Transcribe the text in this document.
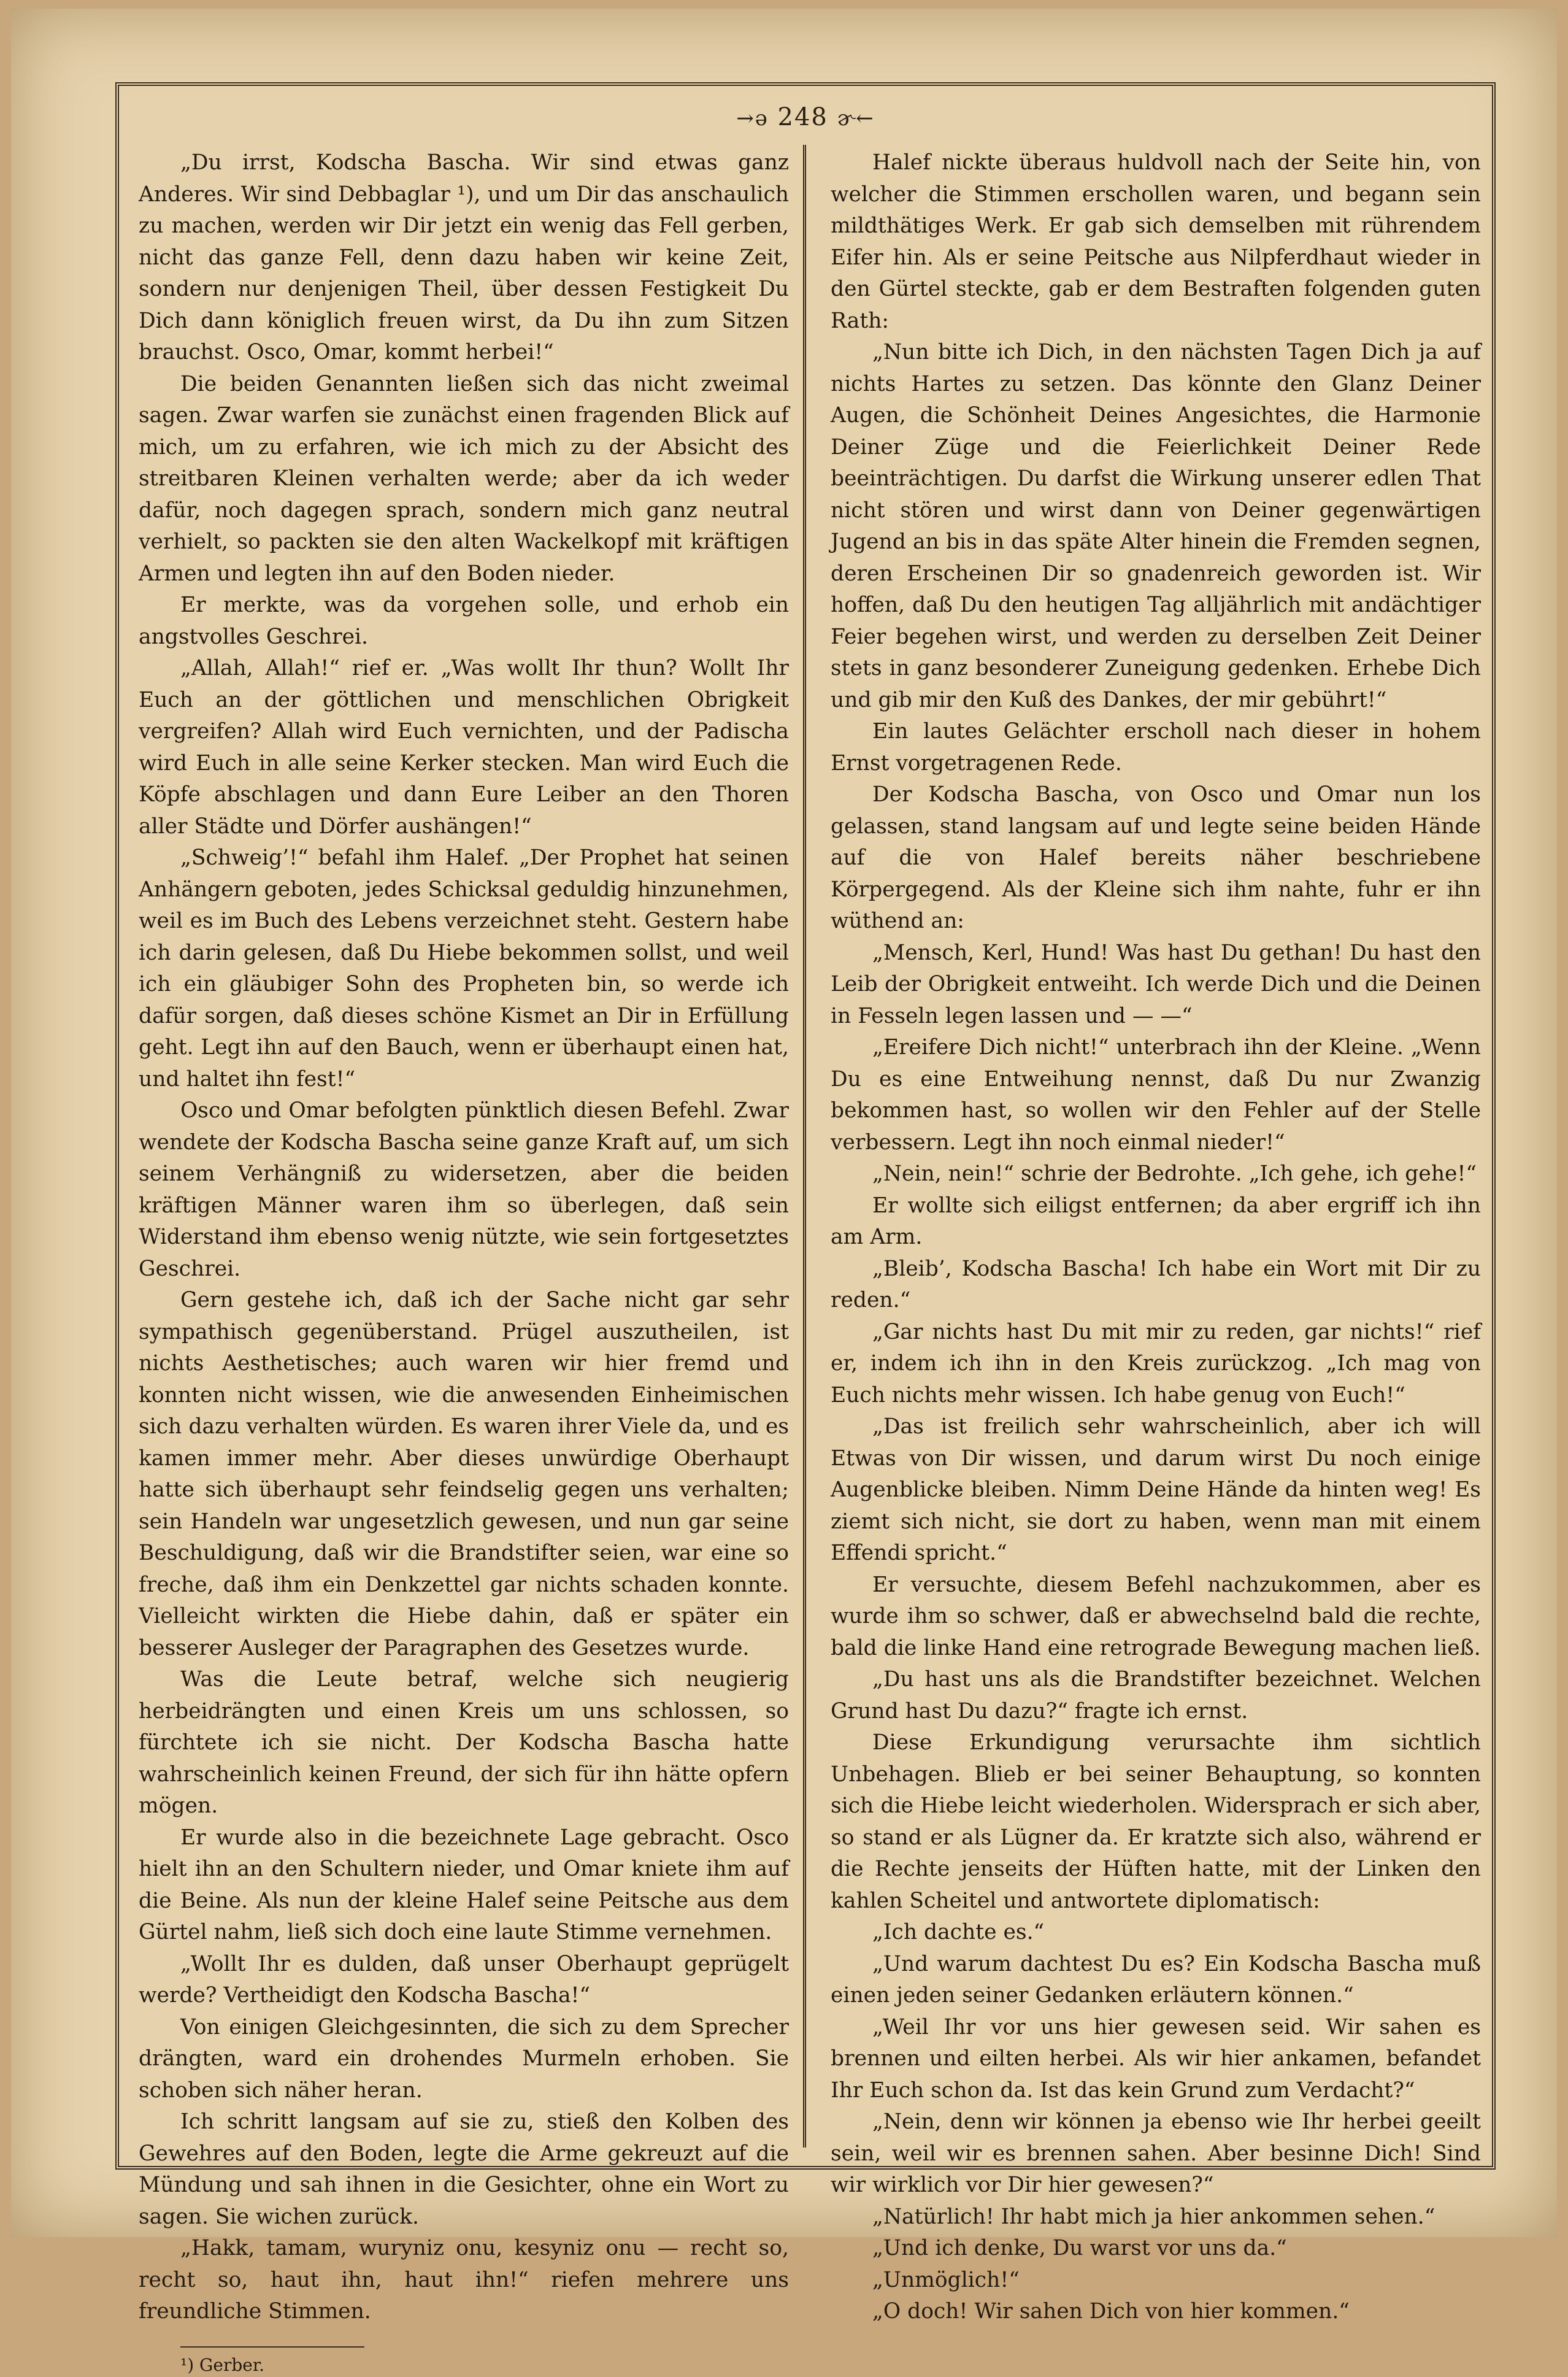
→ə 248 ɚ←

„Du irrst, Kodscha Bascha. Wir sind etwas ganz Anderes. Wir sind Debbaglar ¹), und um Dir das anschaulich zu machen, werden wir Dir jetzt ein wenig das Fell gerben, nicht das ganze Fell, denn dazu haben wir keine Zeit, sondern nur denjenigen Theil, über dessen Festigkeit Du Dich dann königlich freuen wirst, da Du ihn zum Sitzen brauchst. Osco, Omar, kommt herbei!“

Die beiden Genannten ließen sich das nicht zweimal sagen. Zwar warfen sie zunächst einen fragenden Blick auf mich, um zu erfahren, wie ich mich zu der Absicht des streitbaren Kleinen verhalten werde; aber da ich weder dafür, noch dagegen sprach, sondern mich ganz neutral verhielt, so packten sie den alten Wackelkopf mit kräftigen Armen und legten ihn auf den Boden nieder.

Er merkte, was da vorgehen solle, und erhob ein angstvolles Geschrei.

„Allah, Allah!“ rief er. „Was wollt Ihr thun? Wollt Ihr Euch an der göttlichen und menschlichen Obrigkeit vergreifen? Allah wird Euch vernichten, und der Padischa wird Euch in alle seine Kerker stecken. Man wird Euch die Köpfe abschlagen und dann Eure Leiber an den Thoren aller Städte und Dörfer aushängen!“

„Schweig’!“ befahl ihm Halef. „Der Prophet hat seinen Anhängern geboten, jedes Schicksal geduldig hinzunehmen, weil es im Buch des Lebens verzeichnet steht. Gestern habe ich darin gelesen, daß Du Hiebe bekommen sollst, und weil ich ein gläubiger Sohn des Propheten bin, so werde ich dafür sorgen, daß dieses schöne Kismet an Dir in Erfüllung geht. Legt ihn auf den Bauch, wenn er überhaupt einen hat, und haltet ihn fest!“

Osco und Omar befolgten pünktlich diesen Befehl. Zwar wendete der Kodscha Bascha seine ganze Kraft auf, um sich seinem Verhängniß zu widersetzen, aber die beiden kräftigen Männer waren ihm so überlegen, daß sein Widerstand ihm ebenso wenig nützte, wie sein fortgesetztes Geschrei.

Gern gestehe ich, daß ich der Sache nicht gar sehr sympathisch gegenüberstand. Prügel auszutheilen, ist nichts Aesthetisches; auch waren wir hier fremd und konnten nicht wissen, wie die anwesenden Einheimischen sich dazu verhalten würden. Es waren ihrer Viele da, und es kamen immer mehr. Aber dieses unwürdige Oberhaupt hatte sich überhaupt sehr feindselig gegen uns verhalten; sein Handeln war ungesetzlich gewesen, und nun gar seine Beschuldigung, daß wir die Brandstifter seien, war eine so freche, daß ihm ein Denkzettel gar nichts schaden konnte. Vielleicht wirkten die Hiebe dahin, daß er später ein besserer Ausleger der Paragraphen des Gesetzes wurde.

Was die Leute betraf, welche sich neugierig herbeidrängten und einen Kreis um uns schlossen, so fürchtete ich sie nicht. Der Kodscha Bascha hatte wahrscheinlich keinen Freund, der sich für ihn hätte opfern mögen.

Er wurde also in die bezeichnete Lage gebracht. Osco hielt ihn an den Schultern nieder, und Omar kniete ihm auf die Beine. Als nun der kleine Halef seine Peitsche aus dem Gürtel nahm, ließ sich doch eine laute Stimme vernehmen.

„Wollt Ihr es dulden, daß unser Oberhaupt geprügelt werde? Vertheidigt den Kodscha Bascha!“

Von einigen Gleichgesinnten, die sich zu dem Sprecher drängten, ward ein drohendes Murmeln erhoben. Sie schoben sich näher heran.

Ich schritt langsam auf sie zu, stieß den Kolben des Gewehres auf den Boden, legte die Arme gekreuzt auf die Mündung und sah ihnen in die Gesichter, ohne ein Wort zu sagen. Sie wichen zurück.

„Hakk, tamam, wuryniz onu, kesyniz onu — recht so, recht so, haut ihn, haut ihn!“ riefen mehrere uns freundliche Stimmen.

¹) Gerber.

Halef nickte überaus huldvoll nach der Seite hin, von welcher die Stimmen erschollen waren, und begann sein mildthätiges Werk. Er gab sich demselben mit rührendem Eifer hin. Als er seine Peitsche aus Nilpferdhaut wieder in den Gürtel steckte, gab er dem Bestraften folgenden guten Rath:

„Nun bitte ich Dich, in den nächsten Tagen Dich ja auf nichts Hartes zu setzen. Das könnte den Glanz Deiner Augen, die Schönheit Deines Angesichtes, die Harmonie Deiner Züge und die Feierlichkeit Deiner Rede beeinträchtigen. Du darfst die Wirkung unserer edlen That nicht stören und wirst dann von Deiner gegenwärtigen Jugend an bis in das späte Alter hinein die Fremden segnen, deren Erscheinen Dir so gnadenreich geworden ist. Wir hoffen, daß Du den heutigen Tag alljährlich mit andächtiger Feier begehen wirst, und werden zu derselben Zeit Deiner stets in ganz besonderer Zuneigung gedenken. Erhebe Dich und gib mir den Kuß des Dankes, der mir gebührt!“

Ein lautes Gelächter erscholl nach dieser in hohem Ernst vorgetragenen Rede.

Der Kodscha Bascha, von Osco und Omar nun los gelassen, stand langsam auf und legte seine beiden Hände auf die von Halef bereits näher beschriebene Körpergegend. Als der Kleine sich ihm nahte, fuhr er ihn wüthend an:

„Mensch, Kerl, Hund! Was hast Du gethan! Du hast den Leib der Obrigkeit entweiht. Ich werde Dich und die Deinen in Fesseln legen lassen und — —“

„Ereifere Dich nicht!“ unterbrach ihn der Kleine. „Wenn Du es eine Entweihung nennst, daß Du nur Zwanzig bekommen hast, so wollen wir den Fehler auf der Stelle verbessern. Legt ihn noch einmal nieder!“

„Nein, nein!“ schrie der Bedrohte. „Ich gehe, ich gehe!“

Er wollte sich eiligst entfernen; da aber ergriff ich ihn am Arm.

„Bleib’, Kodscha Bascha! Ich habe ein Wort mit Dir zu reden.“

„Gar nichts hast Du mit mir zu reden, gar nichts!“ rief er, indem ich ihn in den Kreis zurückzog. „Ich mag von Euch nichts mehr wissen. Ich habe genug von Euch!“

„Das ist freilich sehr wahrscheinlich, aber ich will Etwas von Dir wissen, und darum wirst Du noch einige Augenblicke bleiben. Nimm Deine Hände da hinten weg! Es ziemt sich nicht, sie dort zu haben, wenn man mit einem Effendi spricht.“

Er versuchte, diesem Befehl nachzukommen, aber es wurde ihm so schwer, daß er abwechselnd bald die rechte, bald die linke Hand eine retrograde Bewegung machen ließ.

„Du hast uns als die Brandstifter bezeichnet. Welchen Grund hast Du dazu?“ fragte ich ernst.

Diese Erkundigung verursachte ihm sichtlich Unbehagen. Blieb er bei seiner Behauptung, so konnten sich die Hiebe leicht wiederholen. Widersprach er sich aber, so stand er als Lügner da. Er kratzte sich also, während er die Rechte jenseits der Hüften hatte, mit der Linken den kahlen Scheitel und antwortete diplomatisch:

„Ich dachte es.“

„Und warum dachtest Du es? Ein Kodscha Bascha muß einen jeden seiner Gedanken erläutern können.“

„Weil Ihr vor uns hier gewesen seid. Wir sahen es brennen und eilten herbei. Als wir hier ankamen, befandet Ihr Euch schon da. Ist das kein Grund zum Verdacht?“

„Nein, denn wir können ja ebenso wie Ihr herbei geeilt sein, weil wir es brennen sahen. Aber besinne Dich! Sind wir wirklich vor Dir hier gewesen?“

„Natürlich! Ihr habt mich ja hier ankommen sehen.“

„Und ich denke, Du warst vor uns da.“

„Unmöglich!“

„O doch! Wir sahen Dich von hier kommen.“
